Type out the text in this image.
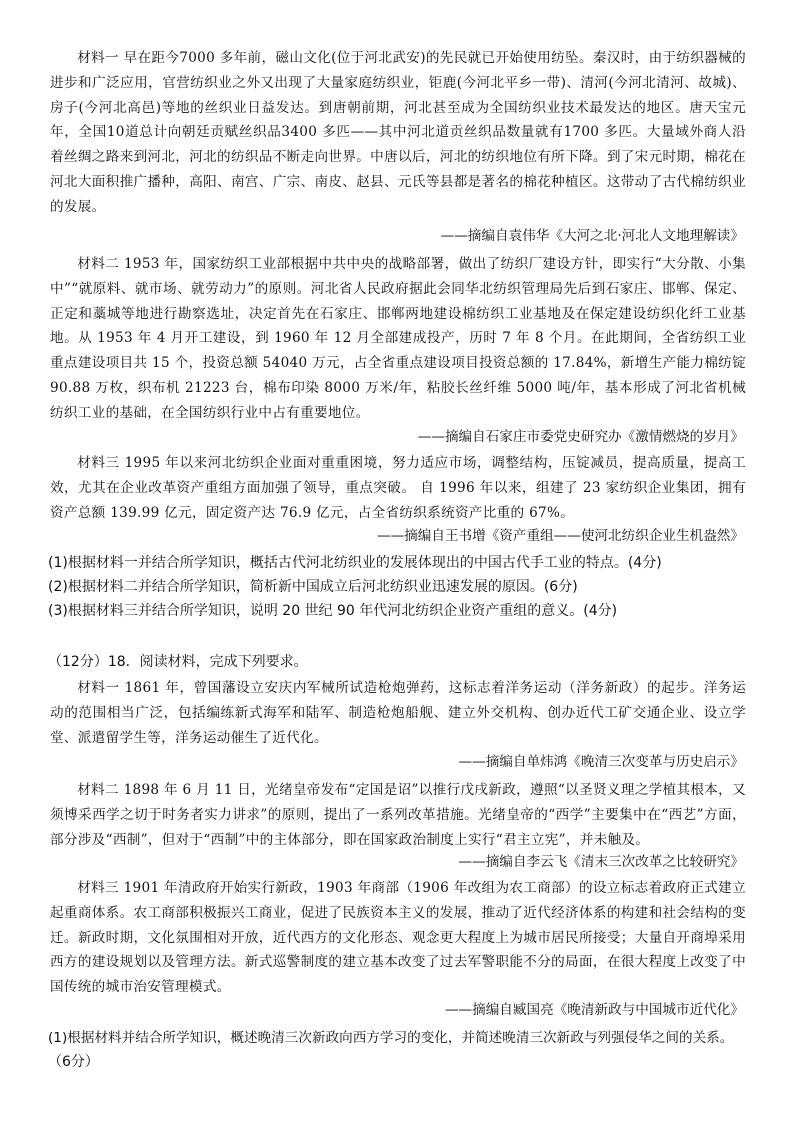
材料一 早在距今7000 多年前，磁山文化(位于河北武安)的先民就已开始使用纺坠。秦汉时，由于纺织器械的进步和广泛应用，官营纺织业之外又出现了大量家庭纺织业，钜鹿(今河北平乡一带)、清河(今河北清河、故城)、房子(今河北高邑)等地的丝织业日益发达。到唐朝前期，河北甚至成为全国纺织业技术最发达的地区。唐天宝元年，全国10道总计向朝廷贡赋丝织品3400 多匹——其中河北道贡丝织品数量就有1700 多匹。大量域外商人沿着丝绸之路来到河北，河北的纺织品不断走向世界。中唐以后，河北的纺织地位有所下降。到了宋元时期，棉花在河北大面积推广播种，高阳、南宫、广宗、南皮、赵县、元氏等县都是著名的棉花种植区。这带动了古代棉纺织业的发展。
——摘编自袁伟华《大河之北·河北人文地理解读》
材料二 1953 年，国家纺织工业部根据中共中央的战略部署，做出了纺织厂建设方针，即实行“大分散、小集中”“就原料、就市场、就劳动力”的原则。河北省人民政府据此会同华北纺织管理局先后到石家庄、邯郸、保定、正定和藁城等地进行勘察选址，决定首先在石家庄、邯郸两地建设棉纺织工业基地及在保定建设纺织化纤工业基地。从 1953 年 4 月开工建设，到 1960 年 12 月全部建成投产，历时 7 年 8 个月。在此期间，全省纺织工业重点建设项目共 15 个，投资总额 54040 万元，占全省重点建设项目投资总额的 17.84%，新增生产能力棉纺锭 90.88 万枚，织布机 21223 台，棉布印染 8000 万米/年，粘胶长丝纤维 5000 吨/年，基本形成了河北省机械纺织工业的基础，在全国纺织行业中占有重要地位。
——摘编自石家庄市委党史研究办《激情燃烧的岁月》
材料三 1995 年以来河北纺织企业面对重重困境，努力适应市场，调整结构，压锭减员，提高质量，提高工效，尤其在企业改革资产重组方面加强了领导，重点突破。 自 1996 年以来，组建了 23 家纺织企业集团，拥有资产总额 139.99 亿元，固定资产达 76.9 亿元，占全省纺织系统资产比重的 67%。
——摘编自王书增《资产重组——使河北纺织企业生机盎然》
(1)根据材料一并结合所学知识，概括古代河北纺织业的发展体现出的中国古代手工业的特点。(4分)
(2)根据材料二并结合所学知识，简析新中国成立后河北纺织业迅速发展的原因。(6分)
(3)根据材料三并结合所学知识，说明 20 世纪 90 年代河北纺织企业资产重组的意义。(4分)
（12分）18．阅读材料，完成下列要求。
材料一 1861 年，曾国藩设立安庆内军械所试造枪炮弹药，这标志着洋务运动（洋务新政）的起步。洋务运动的范围相当广泛，包括编练新式海军和陆军、制造枪炮船舰、建立外交机构、创办近代工矿交通企业、设立学堂、派遣留学生等，洋务运动催生了近代化。
——摘编自单炜鸿《晚清三次变革与历史启示》
材料二 1898 年 6 月 11 日，光绪皇帝发布“定国是诏”以推行戊戌新政，遵照“以圣贤义理之学植其根本，又须博采西学之切于时务者实力讲求”的原则，提出了一系列改革措施。光绪皇帝的“西学”主要集中在“西艺”方面，部分涉及“西制”，但对于“西制”中的主体部分，即在国家政治制度上实行“君主立宪”，并未触及。
——摘编自李云飞《清末三次改革之比较研究》
材料三 1901 年清政府开始实行新政，1903 年商部（1906 年改组为农工商部）的设立标志着政府正式建立起重商体系。农工商部积极振兴工商业，促进了民族资本主义的发展，推动了近代经济体系的构建和社会结构的变迁。新政时期，文化氛围相对开放，近代西方的文化形态、观念更大程度上为城市居民所接受；大量自开商埠采用西方的建设规划以及管理方法。新式巡警制度的建立基本改变了过去军警职能不分的局面，在很大程度上改变了中国传统的城市治安管理模式。
——摘编自臧国亮《晚清新政与中国城市近代化》
(1)根据材料并结合所学知识，概述晚清三次新政向西方学习的变化，并简述晚清三次新政与列强侵华之间的关系。
（6分）
